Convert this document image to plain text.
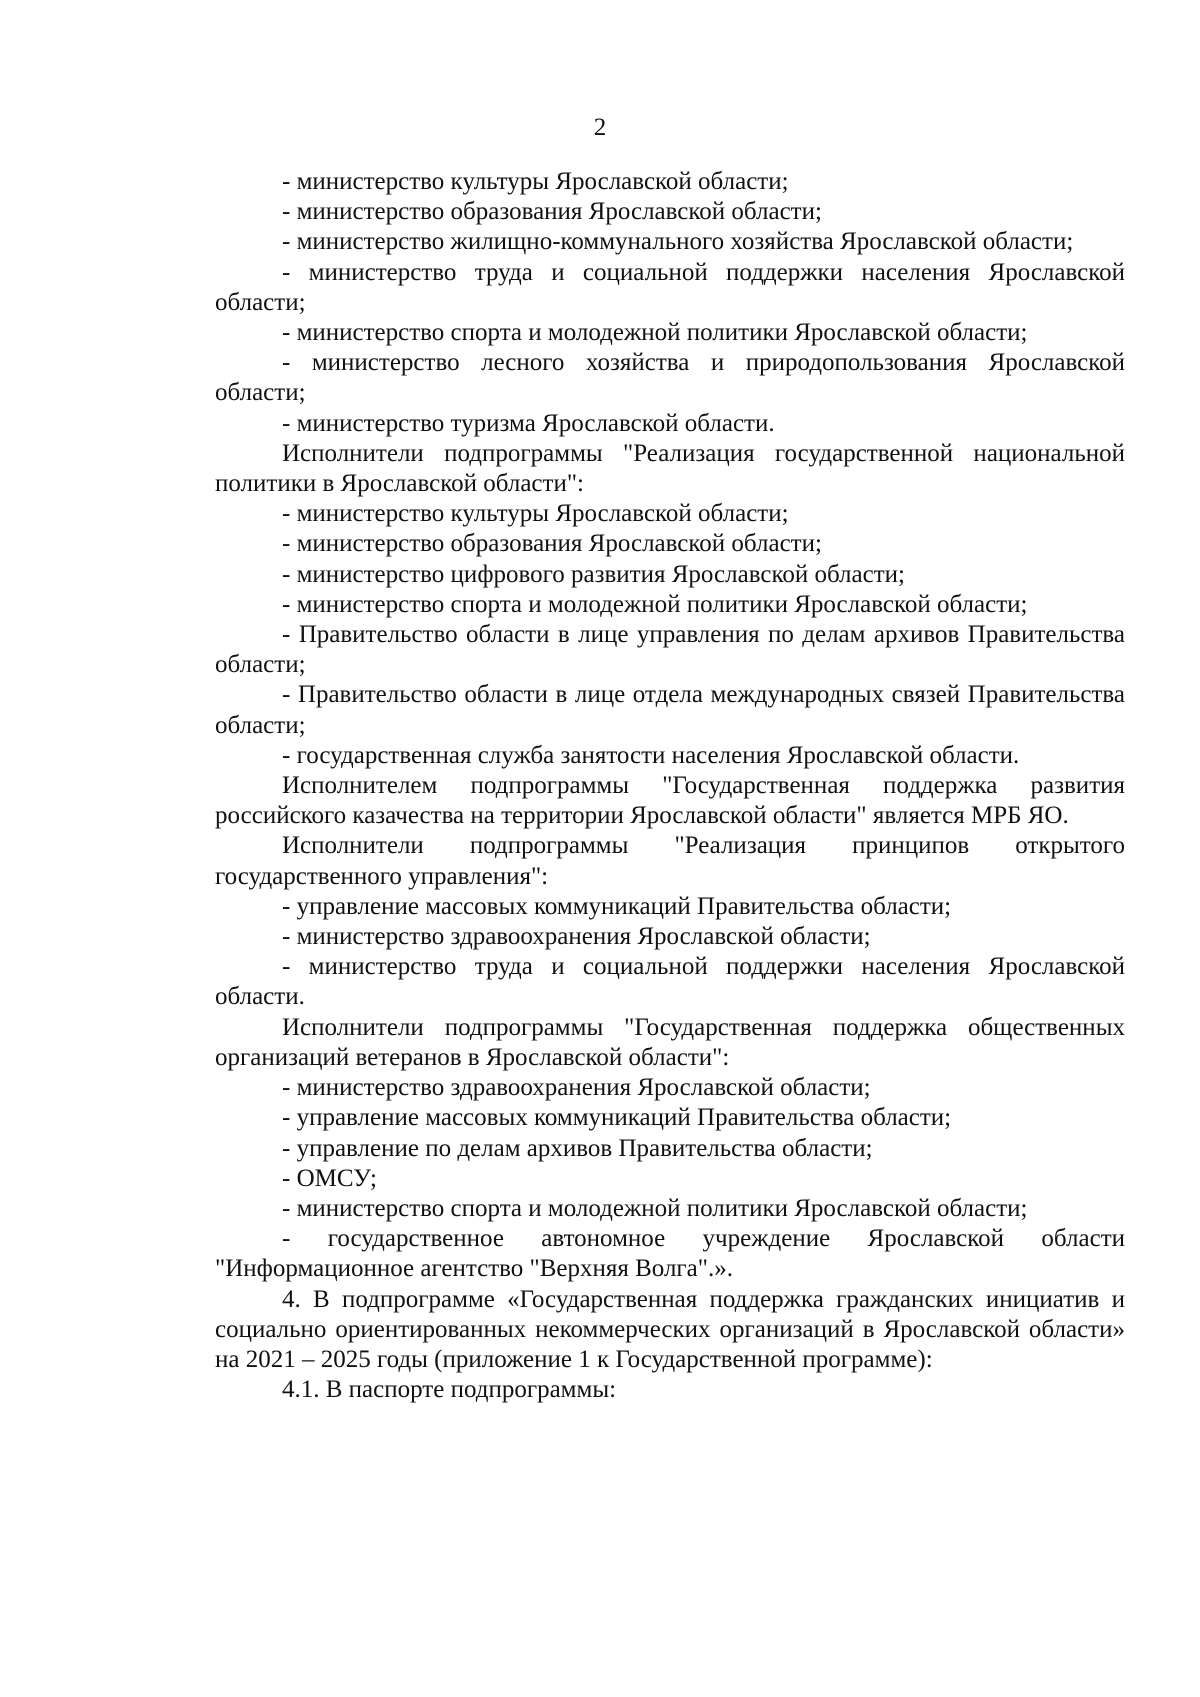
2

- министерство культуры Ярославской области;

- министерство образования Ярославской области;

- министерство жилищно-коммунального хозяйства Ярославской области;

- министерство труда и социальной поддержки населения Ярославской области;

- министерство спорта и молодежной политики Ярославской области;

- министерство лесного хозяйства и природопользования Ярославской области;

- министерство туризма Ярославской области.

Исполнители подпрограммы "Реализация государственной национальной политики в Ярославской области":

- министерство культуры Ярославской области;

- министерство образования Ярославской области;

- министерство цифрового развития Ярославской области;

- министерство спорта и молодежной политики Ярославской области;

- Правительство области в лице управления по делам архивов Правительства области;

- Правительство области в лице отдела международных связей Правительства области;

- государственная служба занятости населения Ярославской области.

Исполнителем подпрограммы "Государственная поддержка развития российского казачества на территории Ярославской области" является МРБ ЯО.

Исполнители подпрограммы "Реализация принципов открытого государственного управления":

- управление массовых коммуникаций Правительства области;

- министерство здравоохранения Ярославской области;

- министерство труда и социальной поддержки населения Ярославской области.

Исполнители подпрограммы "Государственная поддержка общественных организаций ветеранов в Ярославской области":

- министерство здравоохранения Ярославской области;

- управление массовых коммуникаций Правительства области;

- управление по делам архивов Правительства области;

- ОМСУ;

- министерство спорта и молодежной политики Ярославской области;

- государственное автономное учреждение Ярославской области "Информационное агентство "Верхняя Волга".».

4. В подпрограмме «Государственная поддержка гражданских инициатив и социально ориентированных некоммерческих организаций в Ярославской области» на 2021 – 2025 годы (приложение 1 к Государственной программе):

4.1. В паспорте подпрограммы:
